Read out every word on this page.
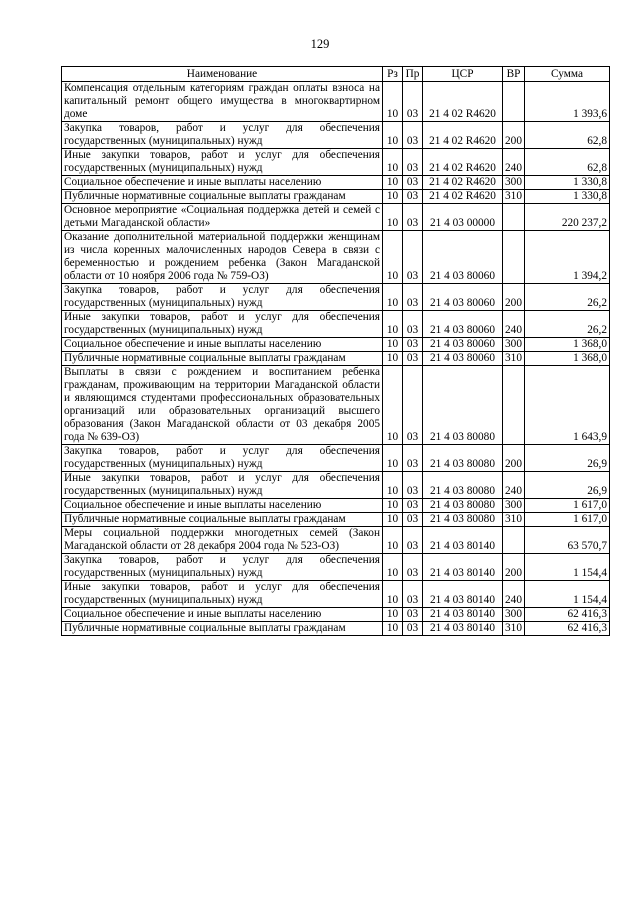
129
Наименование	Рз	Пр	ЦСР	ВР	Сумма
Компенсация отдельным категориям граждан оплаты взноса на капитальный ремонт общего имущества в многоквартирном доме	10	03	21 4 02 R4620		1 393,6
Закупка товаров, работ и услуг для обеспечения государственных (муниципальных) нужд	10	03	21 4 02 R4620	200	62,8
Иные закупки товаров, работ и услуг для обеспечения государственных (муниципальных) нужд	10	03	21 4 02 R4620	240	62,8
Социальное обеспечение и иные выплаты населению	10	03	21 4 02 R4620	300	1 330,8
Публичные нормативные социальные выплаты гражданам	10	03	21 4 02 R4620	310	1 330,8
Основное мероприятие «Социальная поддержка детей и семей с детьми Магаданской области»	10	03	21 4 03 00000		220 237,2
Оказание дополнительной материальной поддержки женщинам из числа коренных малочисленных народов Севера в связи с беременностью и рождением ребенка (Закон Магаданской области от 10 ноября 2006 года № 759-ОЗ)	10	03	21 4 03 80060		1 394,2
Закупка товаров, работ и услуг для обеспечения государственных (муниципальных) нужд	10	03	21 4 03 80060	200	26,2
Иные закупки товаров, работ и услуг для обеспечения государственных (муниципальных) нужд	10	03	21 4 03 80060	240	26,2
Социальное обеспечение и иные выплаты населению	10	03	21 4 03 80060	300	1 368,0
Публичные нормативные социальные выплаты гражданам	10	03	21 4 03 80060	310	1 368,0
Выплаты в связи с рождением и воспитанием ребенка гражданам, проживающим на территории Магаданской области и являющимся студентами профессиональных образовательных организаций или образовательных организаций высшего образования (Закон Магаданской области от 03 декабря 2005 года № 639-ОЗ)	10	03	21 4 03 80080		1 643,9
Закупка товаров, работ и услуг для обеспечения государственных (муниципальных) нужд	10	03	21 4 03 80080	200	26,9
Иные закупки товаров, работ и услуг для обеспечения государственных (муниципальных) нужд	10	03	21 4 03 80080	240	26,9
Социальное обеспечение и иные выплаты населению	10	03	21 4 03 80080	300	1 617,0
Публичные нормативные социальные выплаты гражданам	10	03	21 4 03 80080	310	1 617,0
Меры социальной поддержки многодетных семей (Закон Магаданской области от 28 декабря 2004 года № 523-ОЗ)	10	03	21 4 03 80140		63 570,7
Закупка товаров, работ и услуг для обеспечения государственных (муниципальных) нужд	10	03	21 4 03 80140	200	1 154,4
Иные закупки товаров, работ и услуг для обеспечения государственных (муниципальных) нужд	10	03	21 4 03 80140	240	1 154,4
Социальное обеспечение и иные выплаты населению	10	03	21 4 03 80140	300	62 416,3
Публичные нормативные социальные выплаты гражданам	10	03	21 4 03 80140	310	62 416,3
